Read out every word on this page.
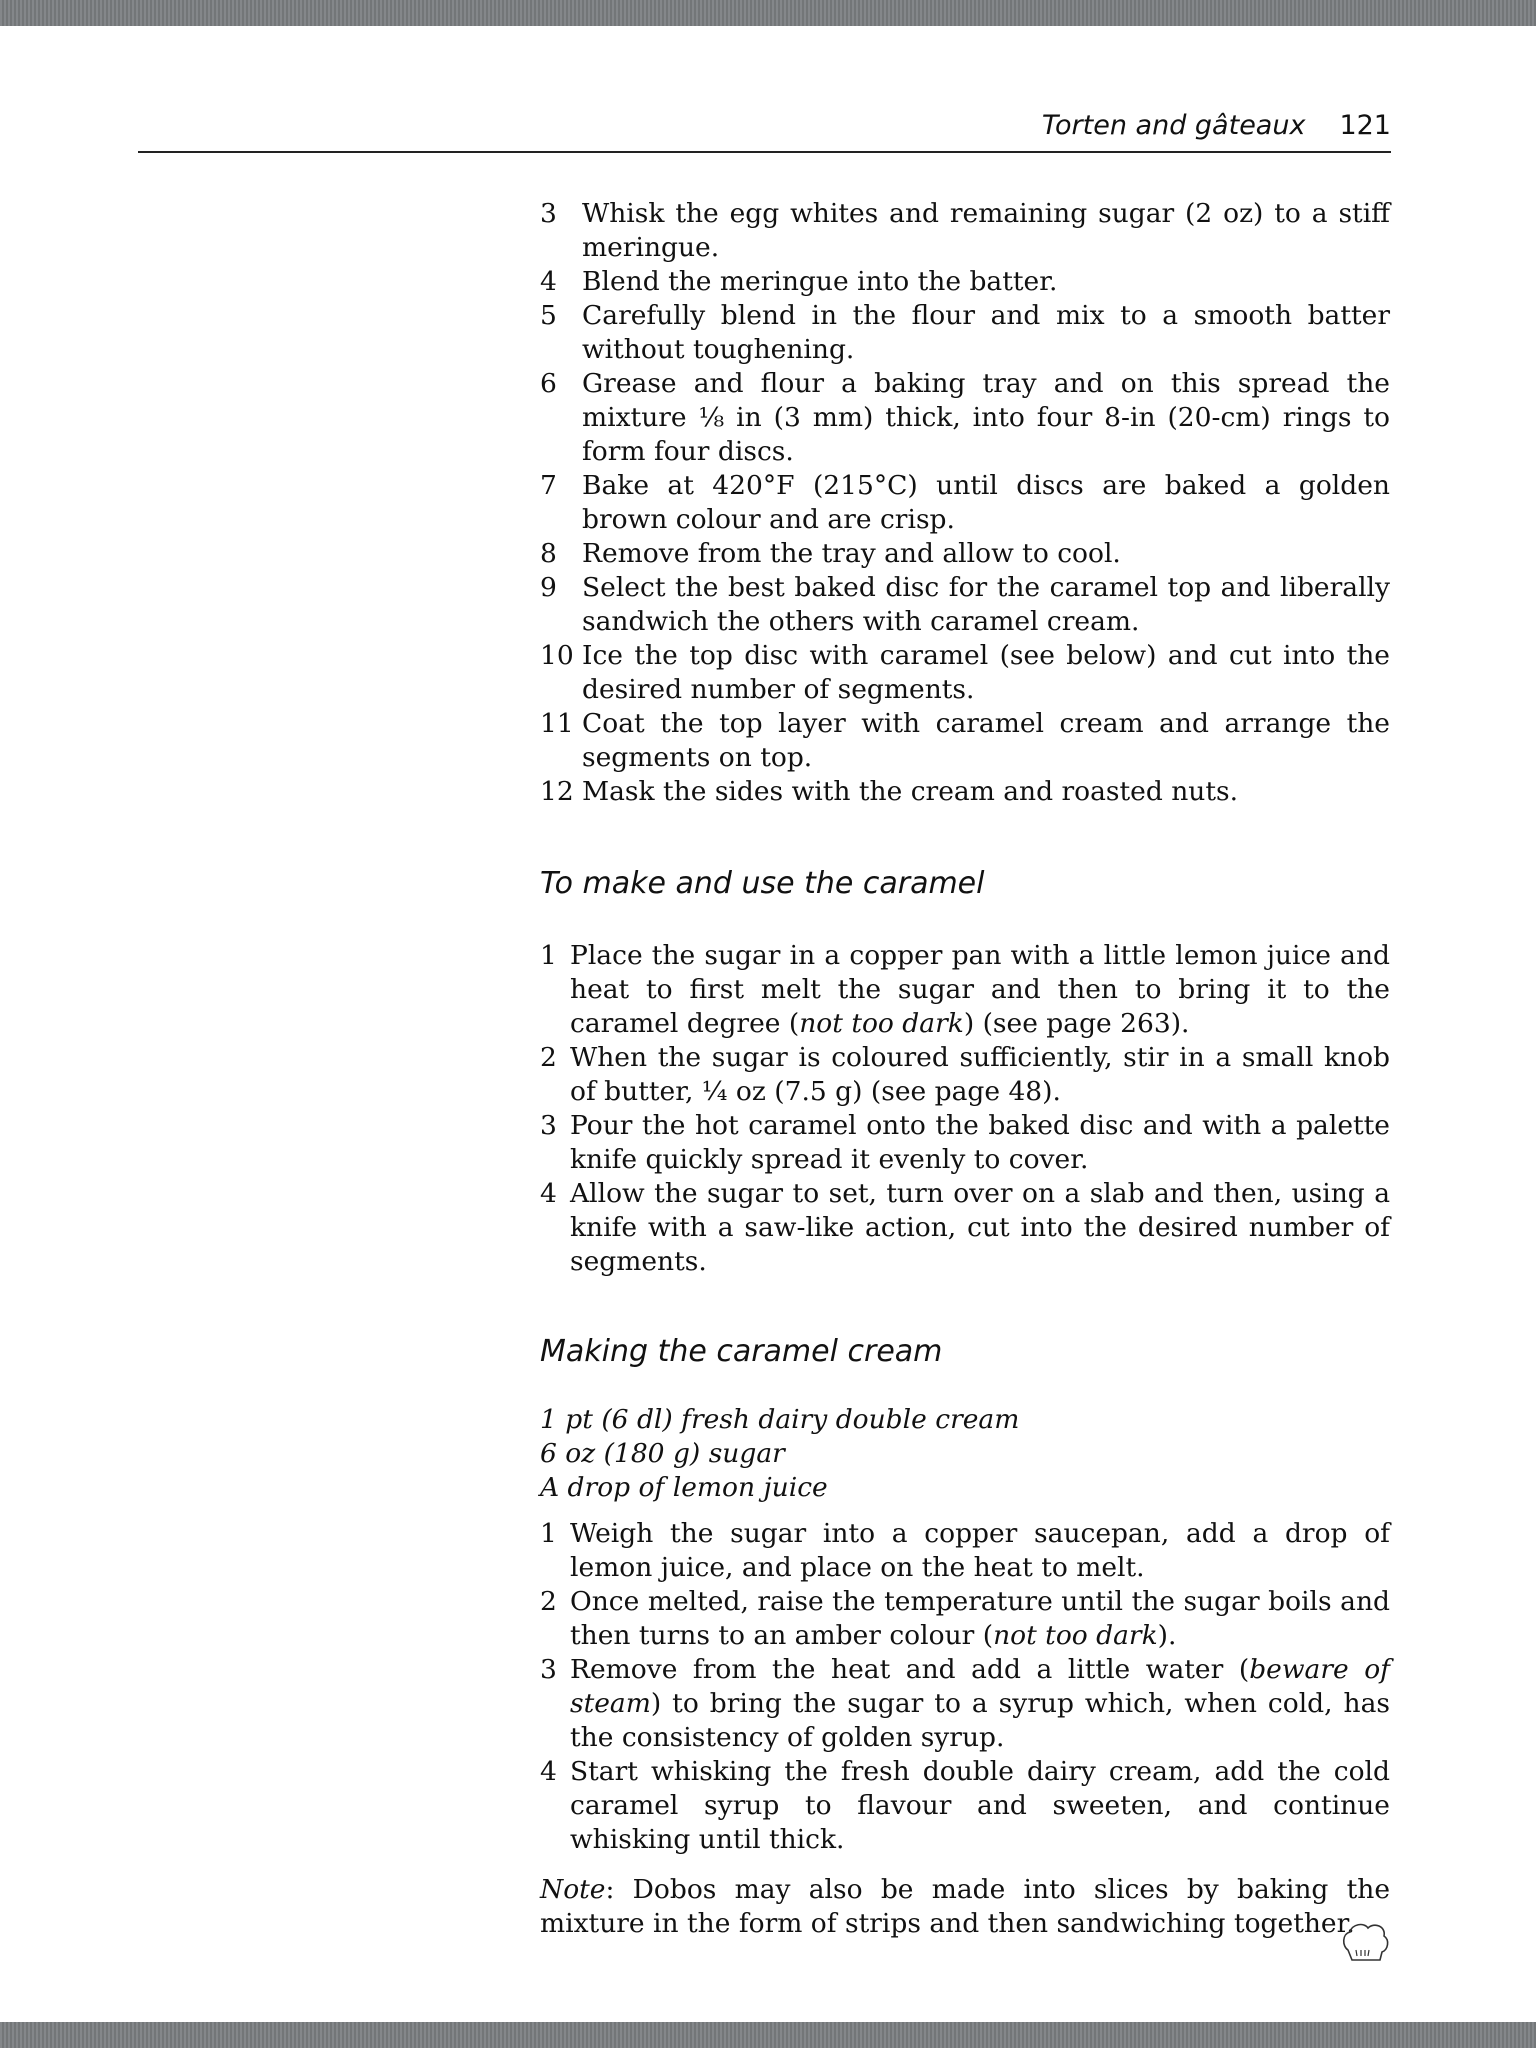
Torten and gâteaux 121
3 Whisk the egg whites and remaining sugar (2 oz) to a stiff meringue.
4 Blend the meringue into the batter.
5 Carefully blend in the flour and mix to a smooth batter without toughening.
6 Grease and flour a baking tray and on this spread the mixture ⅛ in (3 mm) thick, into four 8-in (20-cm) rings to form four discs.
7 Bake at 420°F (215°C) until discs are baked a golden brown colour and are crisp.
8 Remove from the tray and allow to cool.
9 Select the best baked disc for the caramel top and liberally sandwich the others with caramel cream.
10 Ice the top disc with caramel (see below) and cut into the desired number of segments.
11 Coat the top layer with caramel cream and arrange the segments on top.
12 Mask the sides with the cream and roasted nuts.
To make and use the caramel
1 Place the sugar in a copper pan with a little lemon juice and heat to first melt the sugar and then to bring it to the caramel degree (not too dark) (see page 263).
2 When the sugar is coloured sufficiently, stir in a small knob of butter, ¼ oz (7.5 g) (see page 48).
3 Pour the hot caramel onto the baked disc and with a palette knife quickly spread it evenly to cover.
4 Allow the sugar to set, turn over on a slab and then, using a knife with a saw-like action, cut into the desired number of segments.
Making the caramel cream
1 pt (6 dl) fresh dairy double cream
6 oz (180 g) sugar
A drop of lemon juice
1 Weigh the sugar into a copper saucepan, add a drop of lemon juice, and place on the heat to melt.
2 Once melted, raise the temperature until the sugar boils and then turns to an amber colour (not too dark).
3 Remove from the heat and add a little water (beware of steam) to bring the sugar to a syrup which, when cold, has the consistency of golden syrup.
4 Start whisking the fresh double dairy cream, add the cold caramel syrup to flavour and sweeten, and continue whisking until thick.

Note: Dobos may also be made into slices by baking the mixture in the form of strips and then sandwiching together.
